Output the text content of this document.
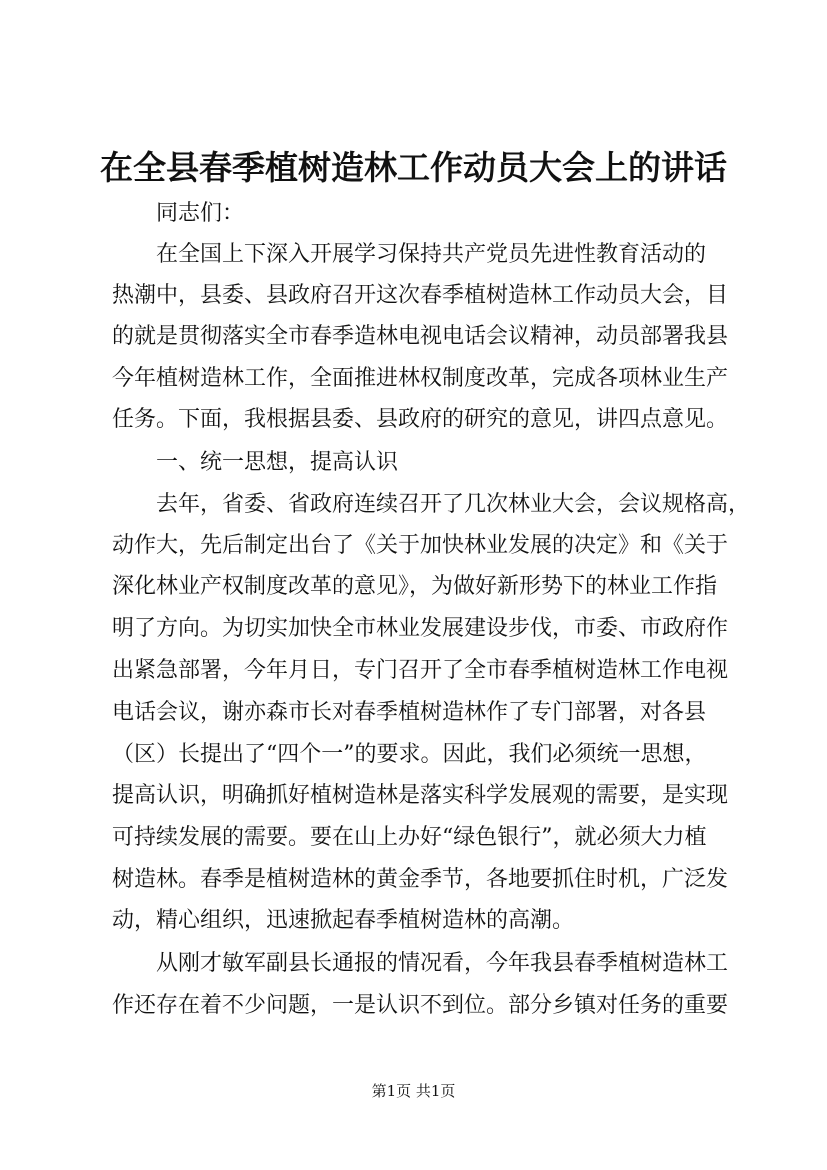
在全县春季植树造林工作动员大会上的讲话

同志们：

在全国上下深入开展学习保持共产党员先进性教育活动的

热潮中，县委、县政府召开这次春季植树造林工作动员大会，目

的就是贯彻落实全市春季造林电视电话会议精神，动员部署我县

今年植树造林工作，全面推进林权制度改革，完成各项林业生产

任务。下面，我根据县委、县政府的研究的意见，讲四点意见。

一、统一思想，提高认识

去年，省委、省政府连续召开了几次林业大会，会议规格高，

动作大，先后制定出台了《关于加快林业发展的决定》和《关于

深化林业产权制度改革的意见》，为做好新形势下的林业工作指

明了方向。为切实加快全市林业发展建设步伐，市委、市政府作

出紧急部署，今年月日，专门召开了全市春季植树造林工作电视

电话会议，谢亦森市长对春季植树造林作了专门部署，对各县

（区）长提出了“四个一”的要求。因此，我们必须统一思想，

提高认识，明确抓好植树造林是落实科学发展观的需要，是实现

可持续发展的需要。要在山上办好“绿色银行”，就必须大力植

树造林。春季是植树造林的黄金季节，各地要抓住时机，广泛发

动，精心组织，迅速掀起春季植树造林的高潮。

从刚才敏军副县长通报的情况看，今年我县春季植树造林工

作还存在着不少问题，一是认识不到位。部分乡镇对任务的重要

第1页 共1页
